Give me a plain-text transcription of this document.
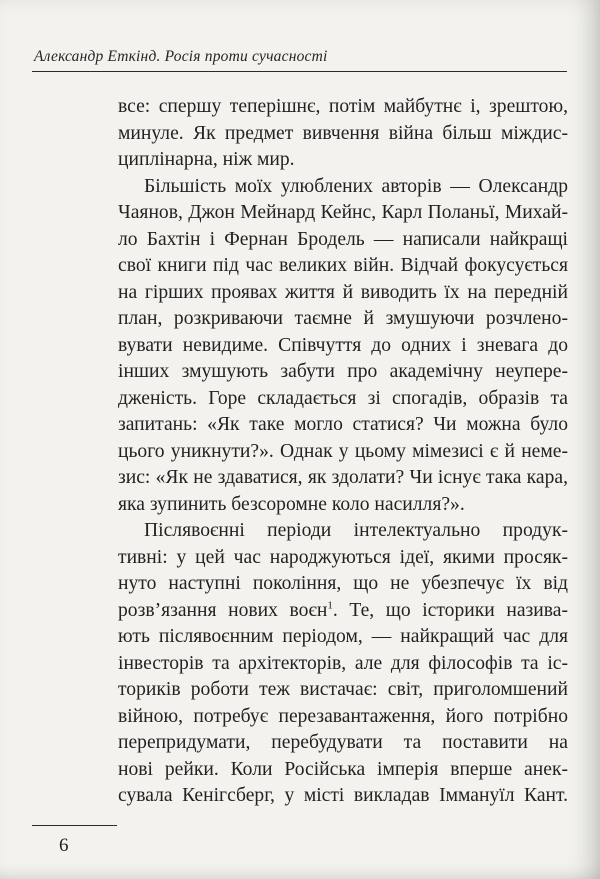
Александр Еткінд. Росія проти сучасності
все: спершу теперішнє, потім майбутнє і, зрештою,
минуле. Як предмет вивчення війна більш міждис-
циплінарна, ніж мир.
Більшість моїх улюблених авторів — Олександр
Чаянов, Джон Мейнард Кейнс, Карл Поланьї, Михай-
ло Бахтін і Фернан Бродель — написали найкращі
свої книги під час великих війн. Відчай фокусується
на гірших проявах життя й виводить їх на передній
план, розкриваючи таємне й змушуючи розчлено-
вувати невидиме. Співчуття до одних і зневага до
інших змушують забути про академічну неупере-
дженість. Горе складається зі спогадів, образів та
запитань: «Як таке могло статися? Чи можна було
цього уникнути?». Однак у цьому мімезисі є й неме-
зис: «Як не здаватися, як здолати? Чи існує така кара,
яка зупинить безсоромне коло насилля?».
Післявоєнні періоди інтелектуально продук-
тивні: у цей час народжуються ідеї, якими просяк-
нуто наступні покоління, що не убезпечує їх від
розв’язання нових воєн$^1$. Те, що історики назива-
ють післявоєнним періодом, — найкращий час для
інвесторів та архітекторів, але для філософів та іс-
ториків роботи теж вистачає: світ, приголомшений
війною, потребує перезавантаження, його потрібно
перепридумати, перебудувати та поставити на
нові рейки. Коли Російська імперія вперше анек-
сувала Кенігсберг, у місті викладав Іммануїл Кант.
6
